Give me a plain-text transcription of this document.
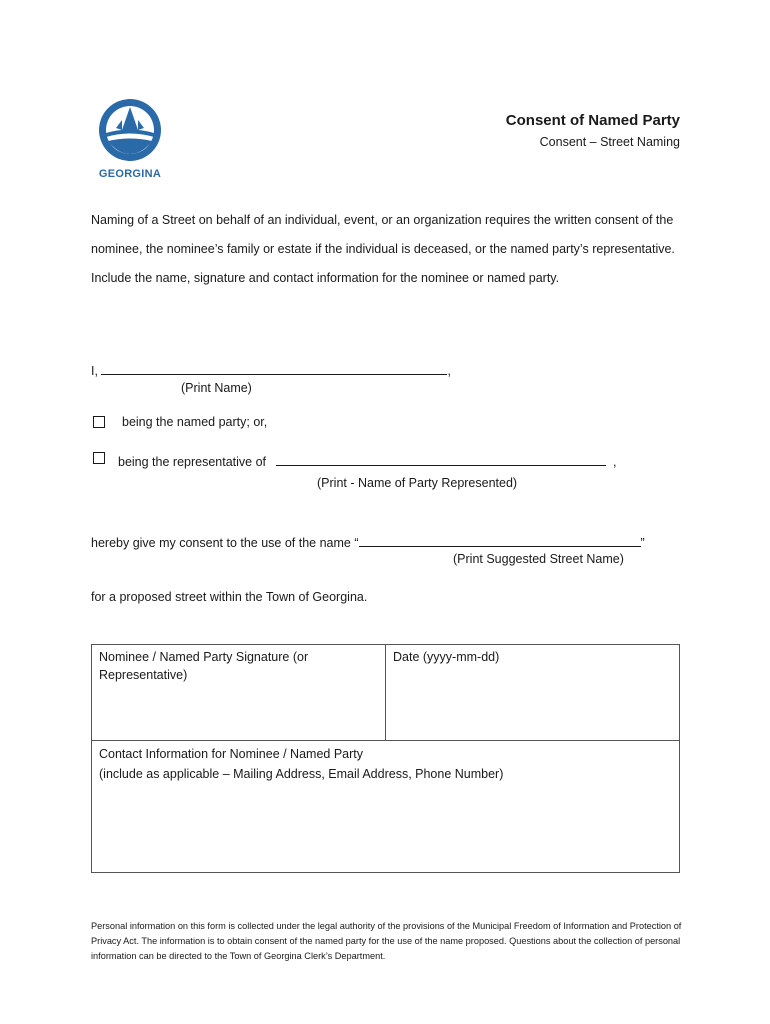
GEORGINA
Consent of Named Party
Consent – Street Naming
Naming of a Street on behalf of an individual, event, or an organization requires the written consent of the nominee, the nominee’s family or estate if the individual is deceased, or the named party’s representative. Include the name, signature and contact information for the nominee or named party.
I,	,
(Print Name)
being the named party; or,
being the representative of	,
(Print - Name of Party Represented)
hereby give my consent to the use of the name “	”
(Print Suggested Street Name)
for a proposed street within the Town of Georgina.
Nominee / Named Party Signature (or Representative)
Date (yyyy-mm-dd)
Contact Information for Nominee / Named Party
(include as applicable – Mailing Address, Email Address, Phone Number)
Personal information on this form is collected under the legal authority of the provisions of the Municipal Freedom of Information and Protection of Privacy Act. The information is to obtain consent of the named party for the use of the name proposed. Questions about the collection of personal information can be directed to the Town of Georgina Clerk’s Department.
